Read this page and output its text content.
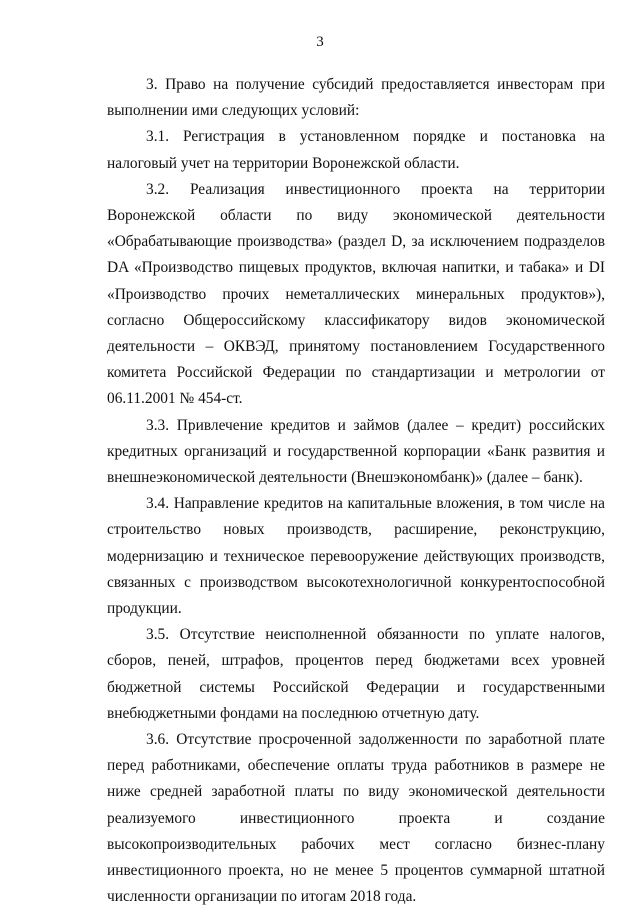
3

3. Право на получение субсидий предоставляется инвесторам при выполнении ими следующих условий:

3.1. Регистрация в установленном порядке и постановка на налоговый учет на территории Воронежской области.

3.2. Реализация инвестиционного проекта на территории Воронежской области по виду экономической деятельности «Обрабатывающие производства» (раздел D, за исключением подразделов DA «Производство пищевых продуктов, включая напитки, и табака» и DI «Производство прочих неметаллических минеральных продуктов»), согласно Общероссийскому классификатору видов экономической деятельности – ОКВЭД, принятому постановлением Государственного комитета Российской Федерации по стандартизации и метрологии от 06.11.2001 № 454-ст.

3.3. Привлечение кредитов и займов (далее – кредит) российских кредитных организаций и государственной корпорации «Банк развития и внешнеэкономической деятельности (Внешэкономбанк)» (далее – банк).

3.4. Направление кредитов на капитальные вложения, в том числе на строительство новых производств, расширение, реконструкцию, модернизацию и техническое перевооружение действующих производств, связанных с производством высокотехнологичной конкурентоспособной продукции.

3.5. Отсутствие неисполненной обязанности по уплате налогов, сборов, пеней, штрафов, процентов перед бюджетами всех уровней бюджетной системы Российской Федерации и государственными внебюджетными фондами на последнюю отчетную дату.

3.6. Отсутствие просроченной задолженности по заработной плате перед работниками, обеспечение оплаты труда работников в размере не ниже средней заработной платы по виду экономической деятельности реализуемого инвестиционного проекта и создание высокопроизводительных рабочих мест согласно бизнес-плану инвестиционного проекта, но не менее 5 процентов суммарной штатной численности организации по итогам 2018 года.
